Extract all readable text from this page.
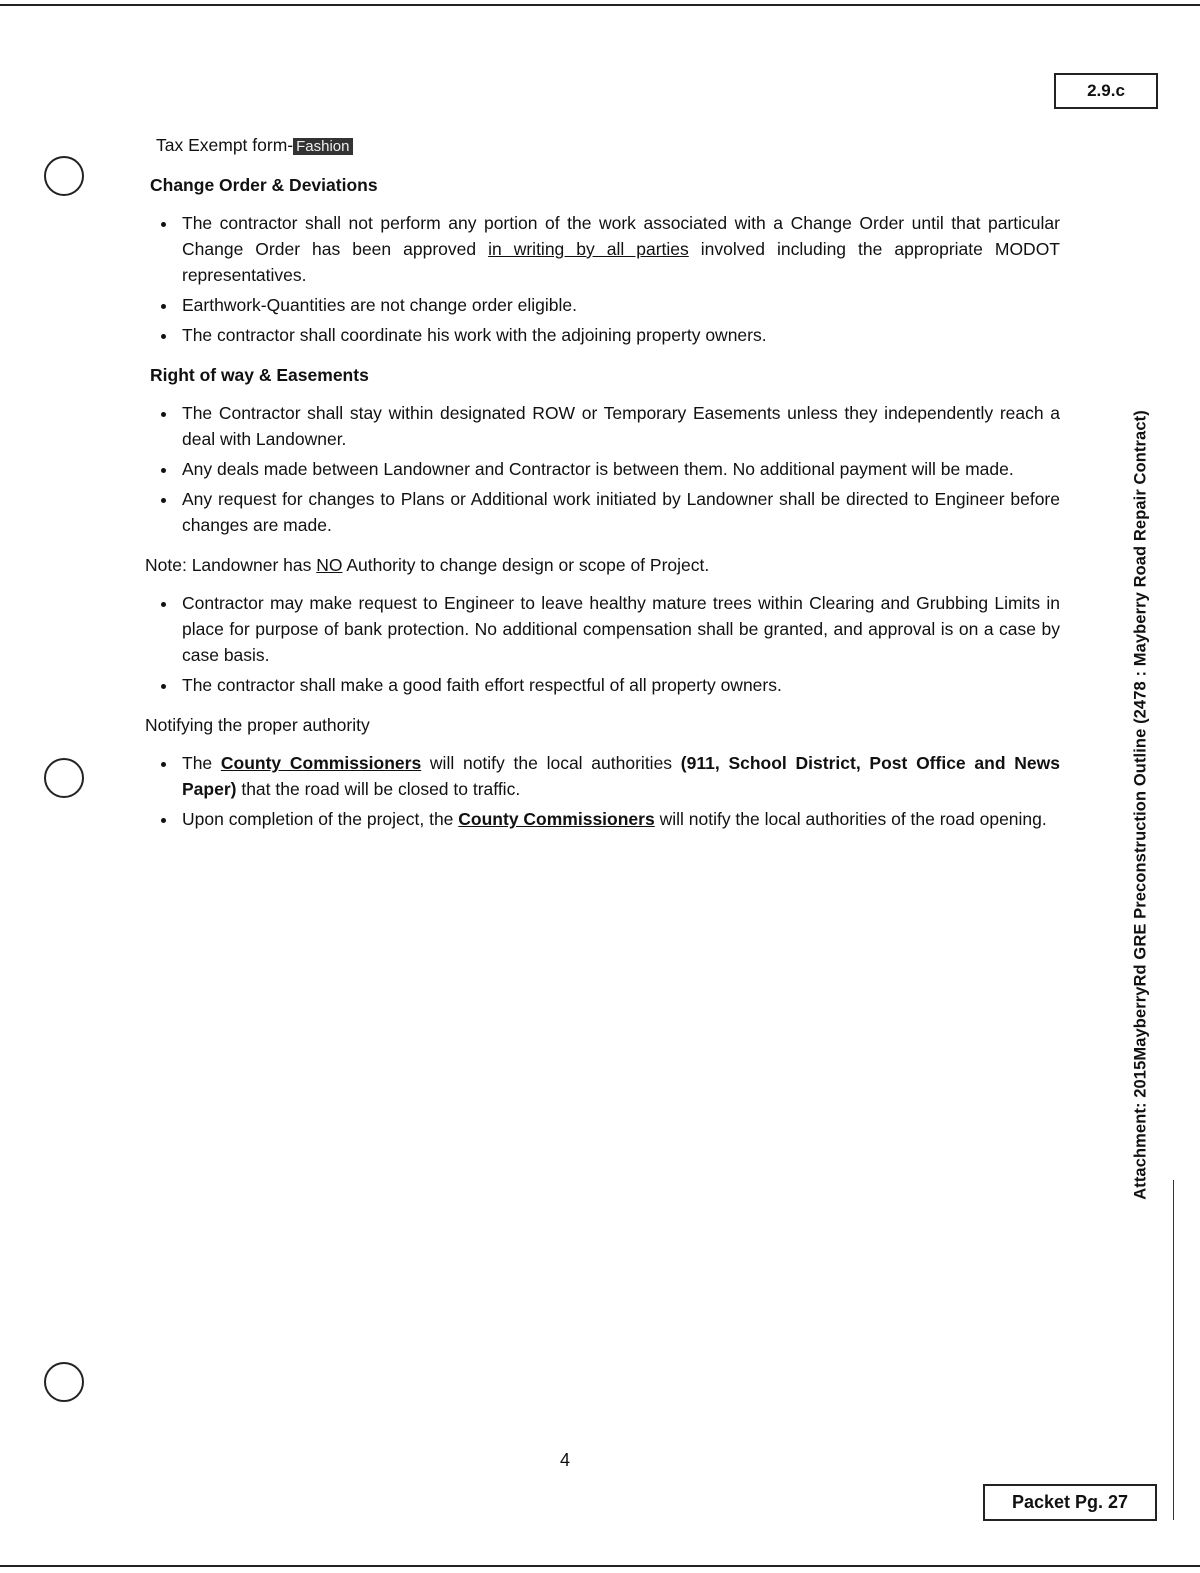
2.9.c
Tax Exempt form- Fashion
Change Order & Deviations
• The contractor shall not perform any portion of the work associated with a Change Order until that particular Change Order has been approved in writing by all parties involved including the appropriate MODOT representatives.
• Earthwork-Quantities are not change order eligible.
• The contractor shall coordinate his work with the adjoining property owners.
Right of way & Easements
• The Contractor shall stay within designated ROW or Temporary Easements unless they independently reach a deal with Landowner.
• Any deals made between Landowner and Contractor is between them. No additional payment will be made.
• Any request for changes to Plans or Additional work initiated by Landowner shall be directed to Engineer before changes are made.

Note: Landowner has NO Authority to change design or scope of Project.

• Contractor may make request to Engineer to leave healthy mature trees within Clearing and Grubbing Limits in place for purpose of bank protection. No additional compensation shall be granted, and approval is on a case by case basis.
• The contractor shall make a good faith effort respectful of all property owners.

Notifying the proper authority

• The County Commissioners will notify the local authorities (911, School District, Post Office and News Paper) that the road will be closed to traffic.
• Upon completion of the project, the County Commissioners will notify the local authorities of the road opening.	Attachment: 2015MayberryRd GRE Preconstruction Outline (2478 : Mayberry Road Repair Contract)
4
Packet Pg. 27
